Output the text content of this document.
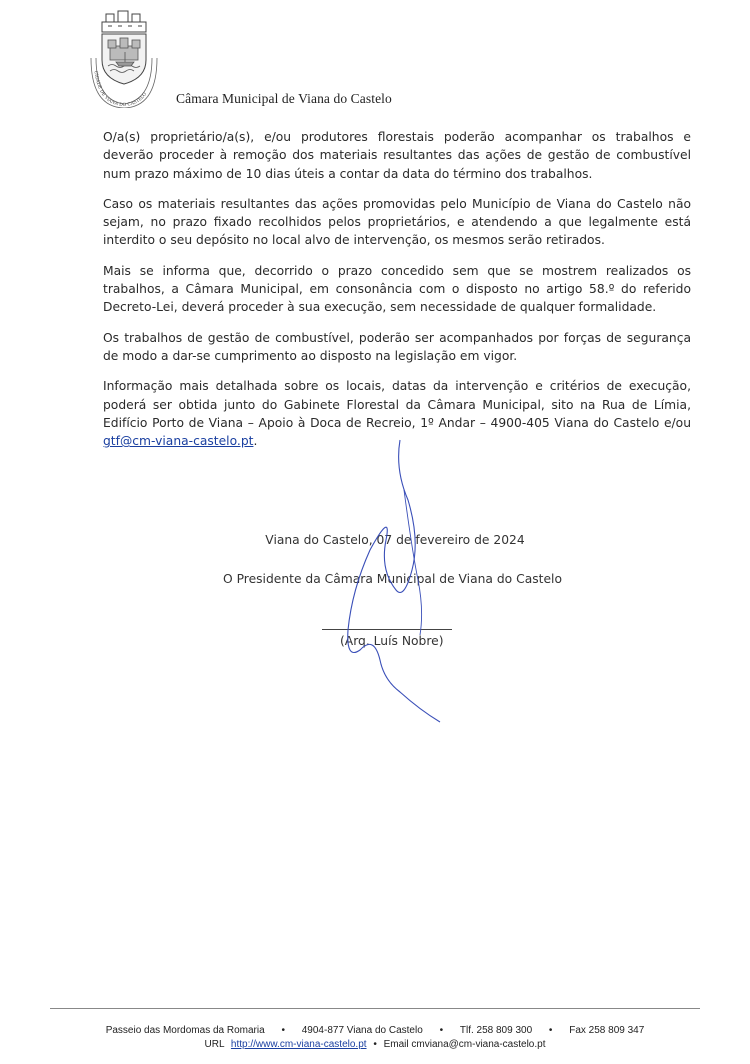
CIDADE DE VIANA DO CASTELO Câmara Municipal de Viana do Castelo

O/a(s) proprietário/a(s), e/ou produtores florestais poderão acompanhar os trabalhos e deverão proceder à remoção dos materiais resultantes das ações de gestão de combustível num prazo máximo de 10 dias úteis a contar da data do término dos trabalhos.

Caso os materiais resultantes das ações promovidas pelo Município de Viana do Castelo não sejam, no prazo fixado recolhidos pelos proprietários, e atendendo a que legalmente está interdito o seu depósito no local alvo de intervenção, os mesmos serão retirados.

Mais se informa que, decorrido o prazo concedido sem que se mostrem realizados os trabalhos, a Câmara Municipal, em consonância com o disposto no artigo 58.º do referido Decreto-Lei, deverá proceder à sua execução, sem necessidade de qualquer formalidade.

Os trabalhos de gestão de combustível, poderão ser acompanhados por forças de segurança de modo a dar-se cumprimento ao disposto na legislação em vigor.

Informação mais detalhada sobre os locais, datas da intervenção e critérios de execução, poderá ser obtida junto do Gabinete Florestal da Câmara Municipal, sito na Rua de Límia, Edifício Porto de Viana – Apoio à Doca de Recreio, 1º Andar – 4900-405 Viana do Castelo e/ou gtf@cm-viana-castelo.pt.

Viana do Castelo, 07 de fevereiro de 2024
O Presidente da Câmara Municipal de Viana do Castelo
(Arq. Luís Nobre)
Passeio das Mordomas da Romaria • 4904-877 Viana do Castelo • Tlf. 258 809 300 • Fax 258 809 347
URL http://www.cm-viana-castelo.pt • Email cmviana@cm-viana-castelo.pt
